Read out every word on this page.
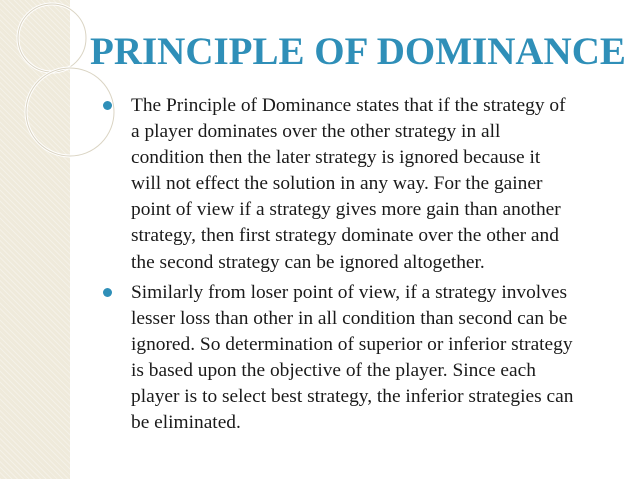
PRINCIPLE OF DOMINANCE
The Principle of Dominance states that if the strategy of
a player dominates over the other strategy in all
condition then the later strategy is ignored because it
will not effect the solution in any way. For the gainer
point of view if a strategy gives more gain than another
strategy, then first strategy dominate over the other and
the second strategy can be ignored altogether.
Similarly from loser point of view, if a strategy involves
lesser loss than other in all condition than second can be
ignored. So determination of superior or inferior strategy
is based upon the objective of the player. Since each
player is to select best strategy, the inferior strategies can
be eliminated.
